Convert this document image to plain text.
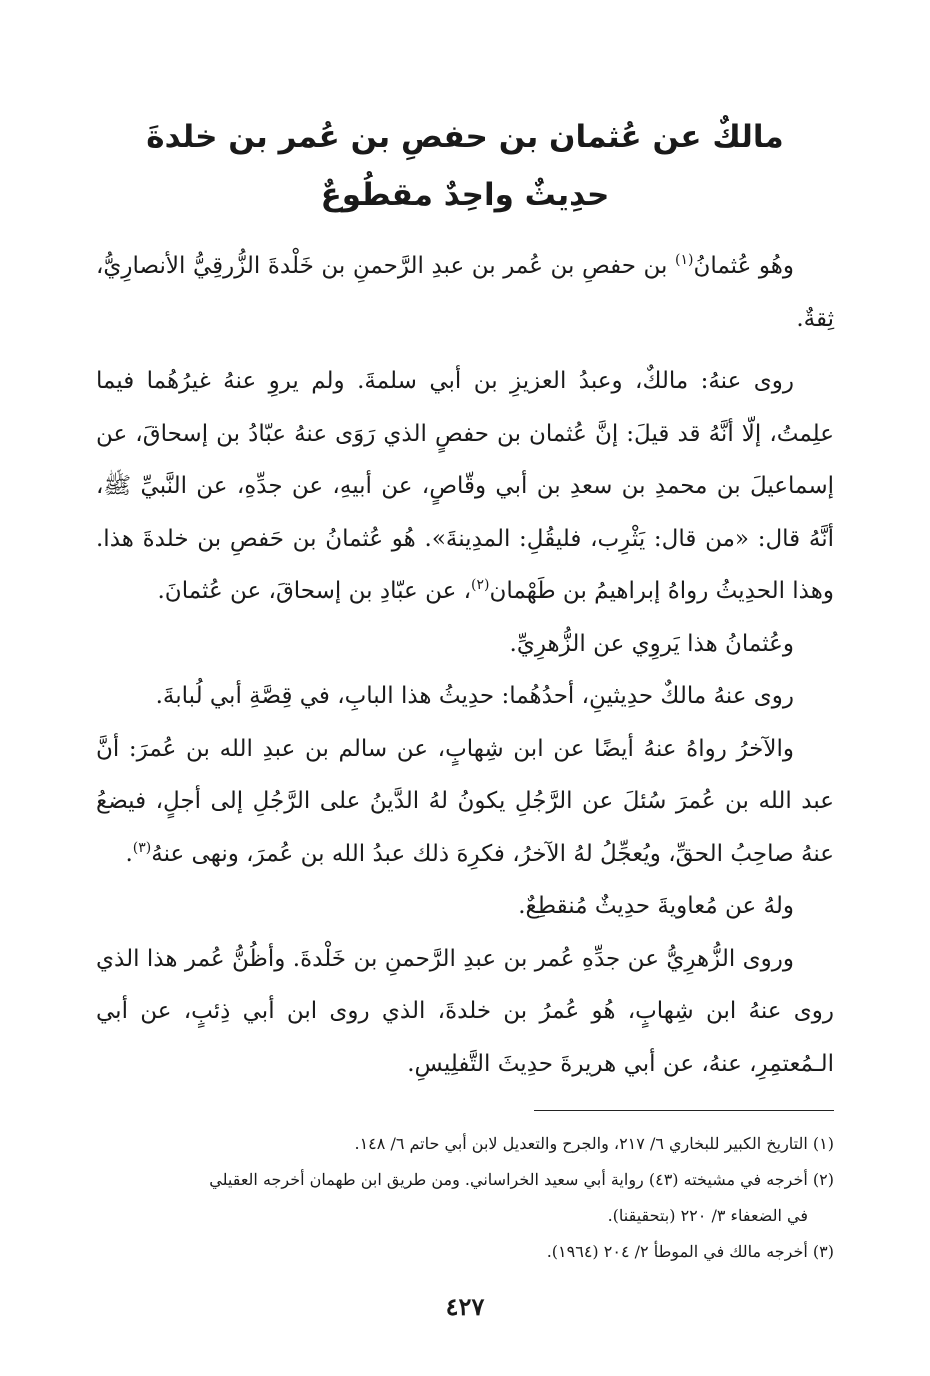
مالكٌ عن عُثمان بن حفصِ بن عُمر بن خلدةَ
حدِيثٌ واحِدٌ مقطُوعٌ

وهُو عُثمانُ$^{(١)}$ بن حفصِ بن عُمر بن عبدِ الرَّحمنِ بن خَلْدةَ الزُّرقِيُّ الأنصارِيُّ، ثِقةٌ.

روى عنهُ: مالكٌ، وعبدُ العزيزِ بن أبي سلمةَ. ولم يروِ عنهُ غيرُهُما فيما علِمتُ، إلّا أنَّهُ قد قيلَ: إنَّ عُثمان بن حفصٍ الذي رَوَى عنهُ عبّادُ بن إسحاقَ، عن إسماعيلَ بن محمدِ بن سعدِ بن أبي وقّاصٍ، عن أبيهِ، عن جدِّهِ، عن النَّبيِّ ﷺ، أنَّهُ قال: «من قال: يَثْرِب، فليقُلِ: المدِينةَ». هُو عُثمانُ بن حَفصِ بن خلدةَ هذا. وهذا الحدِيثُ رواهُ إبراهيمُ بن طَهْمان$^{(٢)}$، عن عبّادِ بن إسحاقَ، عن عُثمانَ.

وعُثمانُ هذا يَروِي عن الزُّهرِيِّ.

روى عنهُ مالكٌ حدِيثينِ، أحدُهُما: حدِيثُ هذا البابِ، في قِصَّةِ أبي لُبابةَ.

والآخرُ رواهُ عنهُ أيضًا عن ابن شِهابٍ، عن سالم بن عبدِ الله بن عُمرَ: أنَّ عبد الله بن عُمرَ سُئلَ عن الرَّجُلِ يكونُ لهُ الدَّينُ على الرَّجُلِ إلى أجلٍ، فيضعُ عنهُ صاحِبُ الحقِّ، ويُعجِّلُ لهُ الآخرُ، فكرِهَ ذلك عبدُ الله بن عُمرَ، ونهى عنهُ$^{(٣)}$.

ولهُ عن مُعاويةَ حدِيثٌ مُنقطِعٌ.

وروى الزُّهرِيُّ عن جدِّهِ عُمر بن عبدِ الرَّحمنِ بن خَلْدةَ. وأظُنُّ عُمر هذا الذي روى عنهُ ابن شِهابٍ، هُو عُمرُ بن خلدةَ، الذي روى ابن أبي ذِئبٍ، عن أبي الـمُعتمِرِ، عنهُ، عن أبي هريرةَ حدِيثَ التَّفلِيسِ.

(١) التاريخ الكبير للبخاري ٦/ ٢١٧، والجرح والتعديل لابن أبي حاتم ٦/ ١٤٨.

(٢) أخرجه في مشيخته (٤٣) رواية أبي سعيد الخراساني. ومن طريق ابن طهمان أخرجه العقيلي
في الضعفاء ٣/ ٢٢٠ (بتحقيقنا).

(٣) أخرجه مالك في الموطأ ٢/ ٢٠٤ (١٩٦٤).

٤٢٧
